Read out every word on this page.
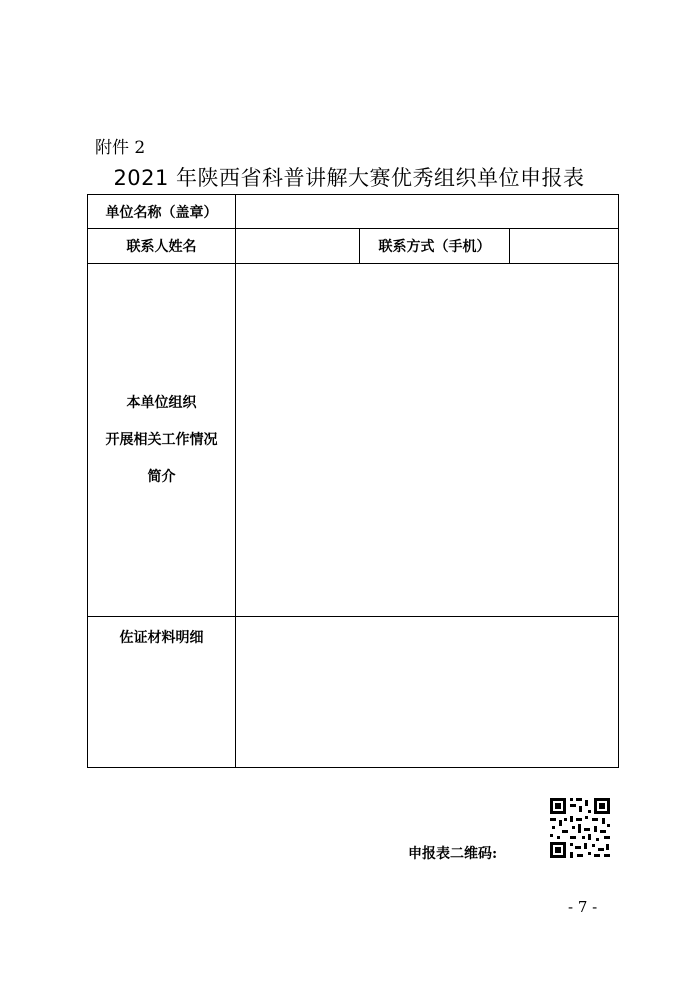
附件 2
2021 年陕西省科普讲解大赛优秀组织单位申报表
单位名称（盖章）			
联系人姓名		联系方式（手机）	

本单位组织
开展相关工作情况
简介			

佐证材料明细			
申报表二维码:
- 7 -
